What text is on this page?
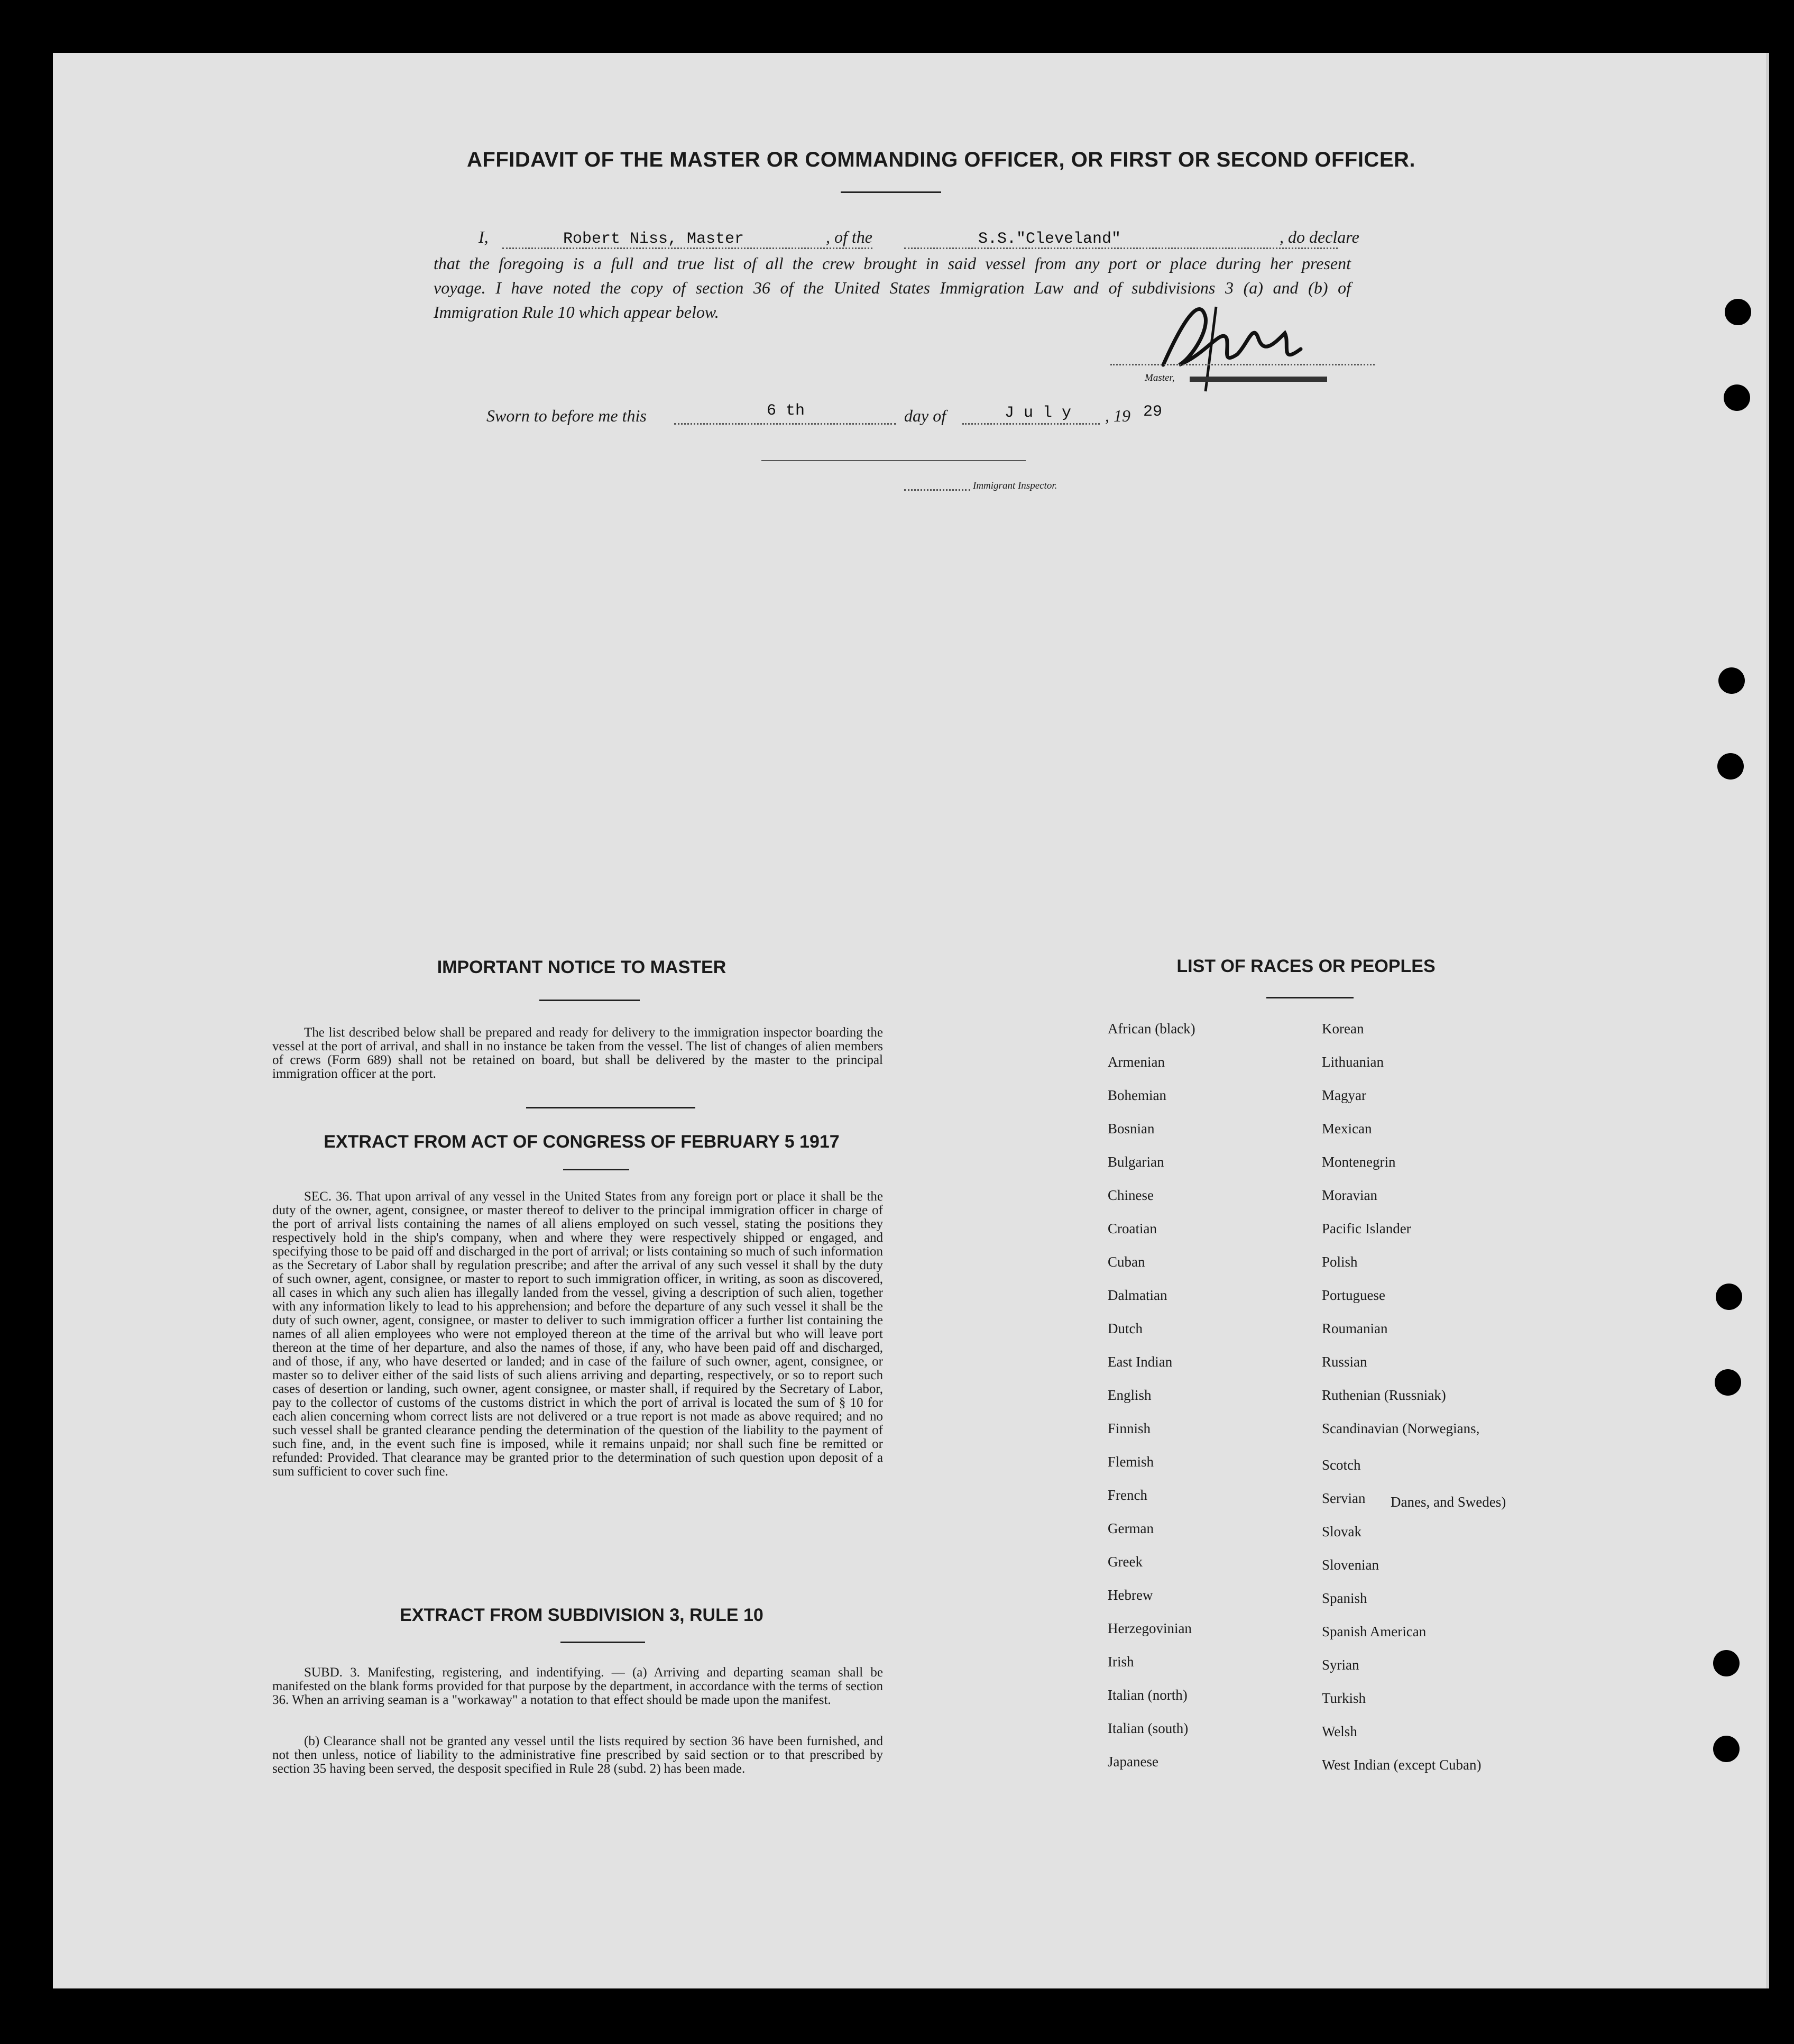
AFFIDAVIT OF THE MASTER OR COMMANDING OFFICER, OR FIRST OR SECOND OFFICER.
I,	Robert Niss, Master	, of the	S.S."Cleveland"	, do declare
that the foregoing is a full and true list of all the crew brought in said vessel from any port or place during her present
voyage. I have noted the copy of section 36 of the United States Immigration Law and of subdivisions 3 (a) and (b) of
Immigration Rule 10 which appear below.
Master,
Sworn to before me this	6 th	day of	J u l y , 19 29
Immigrant Inspector.
IMPORTANT NOTICE TO MASTER
The list described below shall be prepared and ready for delivery to the immigration inspector boarding the vessel at the port of arrival, and shall in no instance be taken from the vessel. The list of changes of alien members of crews (Form 689) shall not be retained on board, but shall be delivered by the master to the principal immigration officer at the port.
EXTRACT FROM ACT OF CONGRESS OF FEBRUARY 5 1917
SEC. 36. That upon arrival of any vessel in the United States from any foreign port or place it shall be the duty of the owner, agent, consignee, or master thereof to deliver to the principal immigration officer in charge of the port of arrival lists containing the names of all aliens employed on such vessel, stating the positions they respectively hold in the ship's company, when and where they were respectively shipped or engaged, and specifying those to be paid off and discharged in the port of arrival; or lists containing so much of such information as the Secretary of Labor shall by regulation prescribe; and after the arrival of any such vessel it shall by the duty of such owner, agent, consignee, or master to report to such immigration officer, in writing, as soon as discovered, all cases in which any such alien has illegally landed from the vessel, giving a description of such alien, together with any information likely to lead to his apprehension; and before the departure of any such vessel it shall be the duty of such owner, agent, consignee, or master to deliver to such immigration officer a further list containing the names of all alien employees who were not employed thereon at the time of the arrival but who will leave port thereon at the time of her departure, and also the names of those, if any, who have been paid off and discharged, and of those, if any, who have deserted or landed; and in case of the failure of such owner, agent, consignee, or master so to deliver either of the said lists of such aliens arriving and departing, respectively, or so to report such cases of desertion or landing, such owner, agent consignee, or master shall, if required by the Secretary of Labor, pay to the collector of customs of the customs district in which the port of arrival is located the sum of § 10 for each alien concerning whom correct lists are not delivered or a true report is not made as above required; and no such vessel shall be granted clearance pending the determination of the question of the liability to the payment of such fine, and, in the event such fine is imposed, while it remains unpaid; nor shall such fine be remitted or refunded: Provided. That clearance may be granted prior to the determination of such question upon deposit of a sum sufficient to cover such fine.
EXTRACT FROM SUBDIVISION 3, RULE 10
SUBD. 3. Manifesting, registering, and indentifying. — (a) Arriving and departing seaman shall be manifested on the blank forms provided for that purpose by the department, in accordance with the terms of section 36. When an arriving seaman is a "workaway" a notation to that effect should be made upon the manifest.
(b) Clearance shall not be granted any vessel until the lists required by section 36 have been furnished, and not then unless, notice of liability to the administrative fine prescribed by said section or to that prescribed by section 35 having been served, the desposit specified in Rule 28 (subd. 2) has been made.
LIST OF RACES OR PEOPLES
African (black)
Armenian
Bohemian
Bosnian
Bulgarian
Chinese
Croatian
Cuban
Dalmatian
Dutch
East Indian
English
Finnish
Flemish
French
German
Greek
Hebrew
Herzegovinian
Irish
Italian (north)
Italian (south)
Japanese
Korean
Lithuanian
Magyar
Mexican
Montenegrin
Moravian
Pacific Islander
Polish
Portuguese
Roumanian
Russian
Ruthenian (Russniak)
Scandinavian (Norwegians,
Scotch
Servian
Slovak
Slovenian
Spanish
Spanish American
Syrian
Turkish
Welsh
West Indian (except Cuban)
Danes, and Swedes)
